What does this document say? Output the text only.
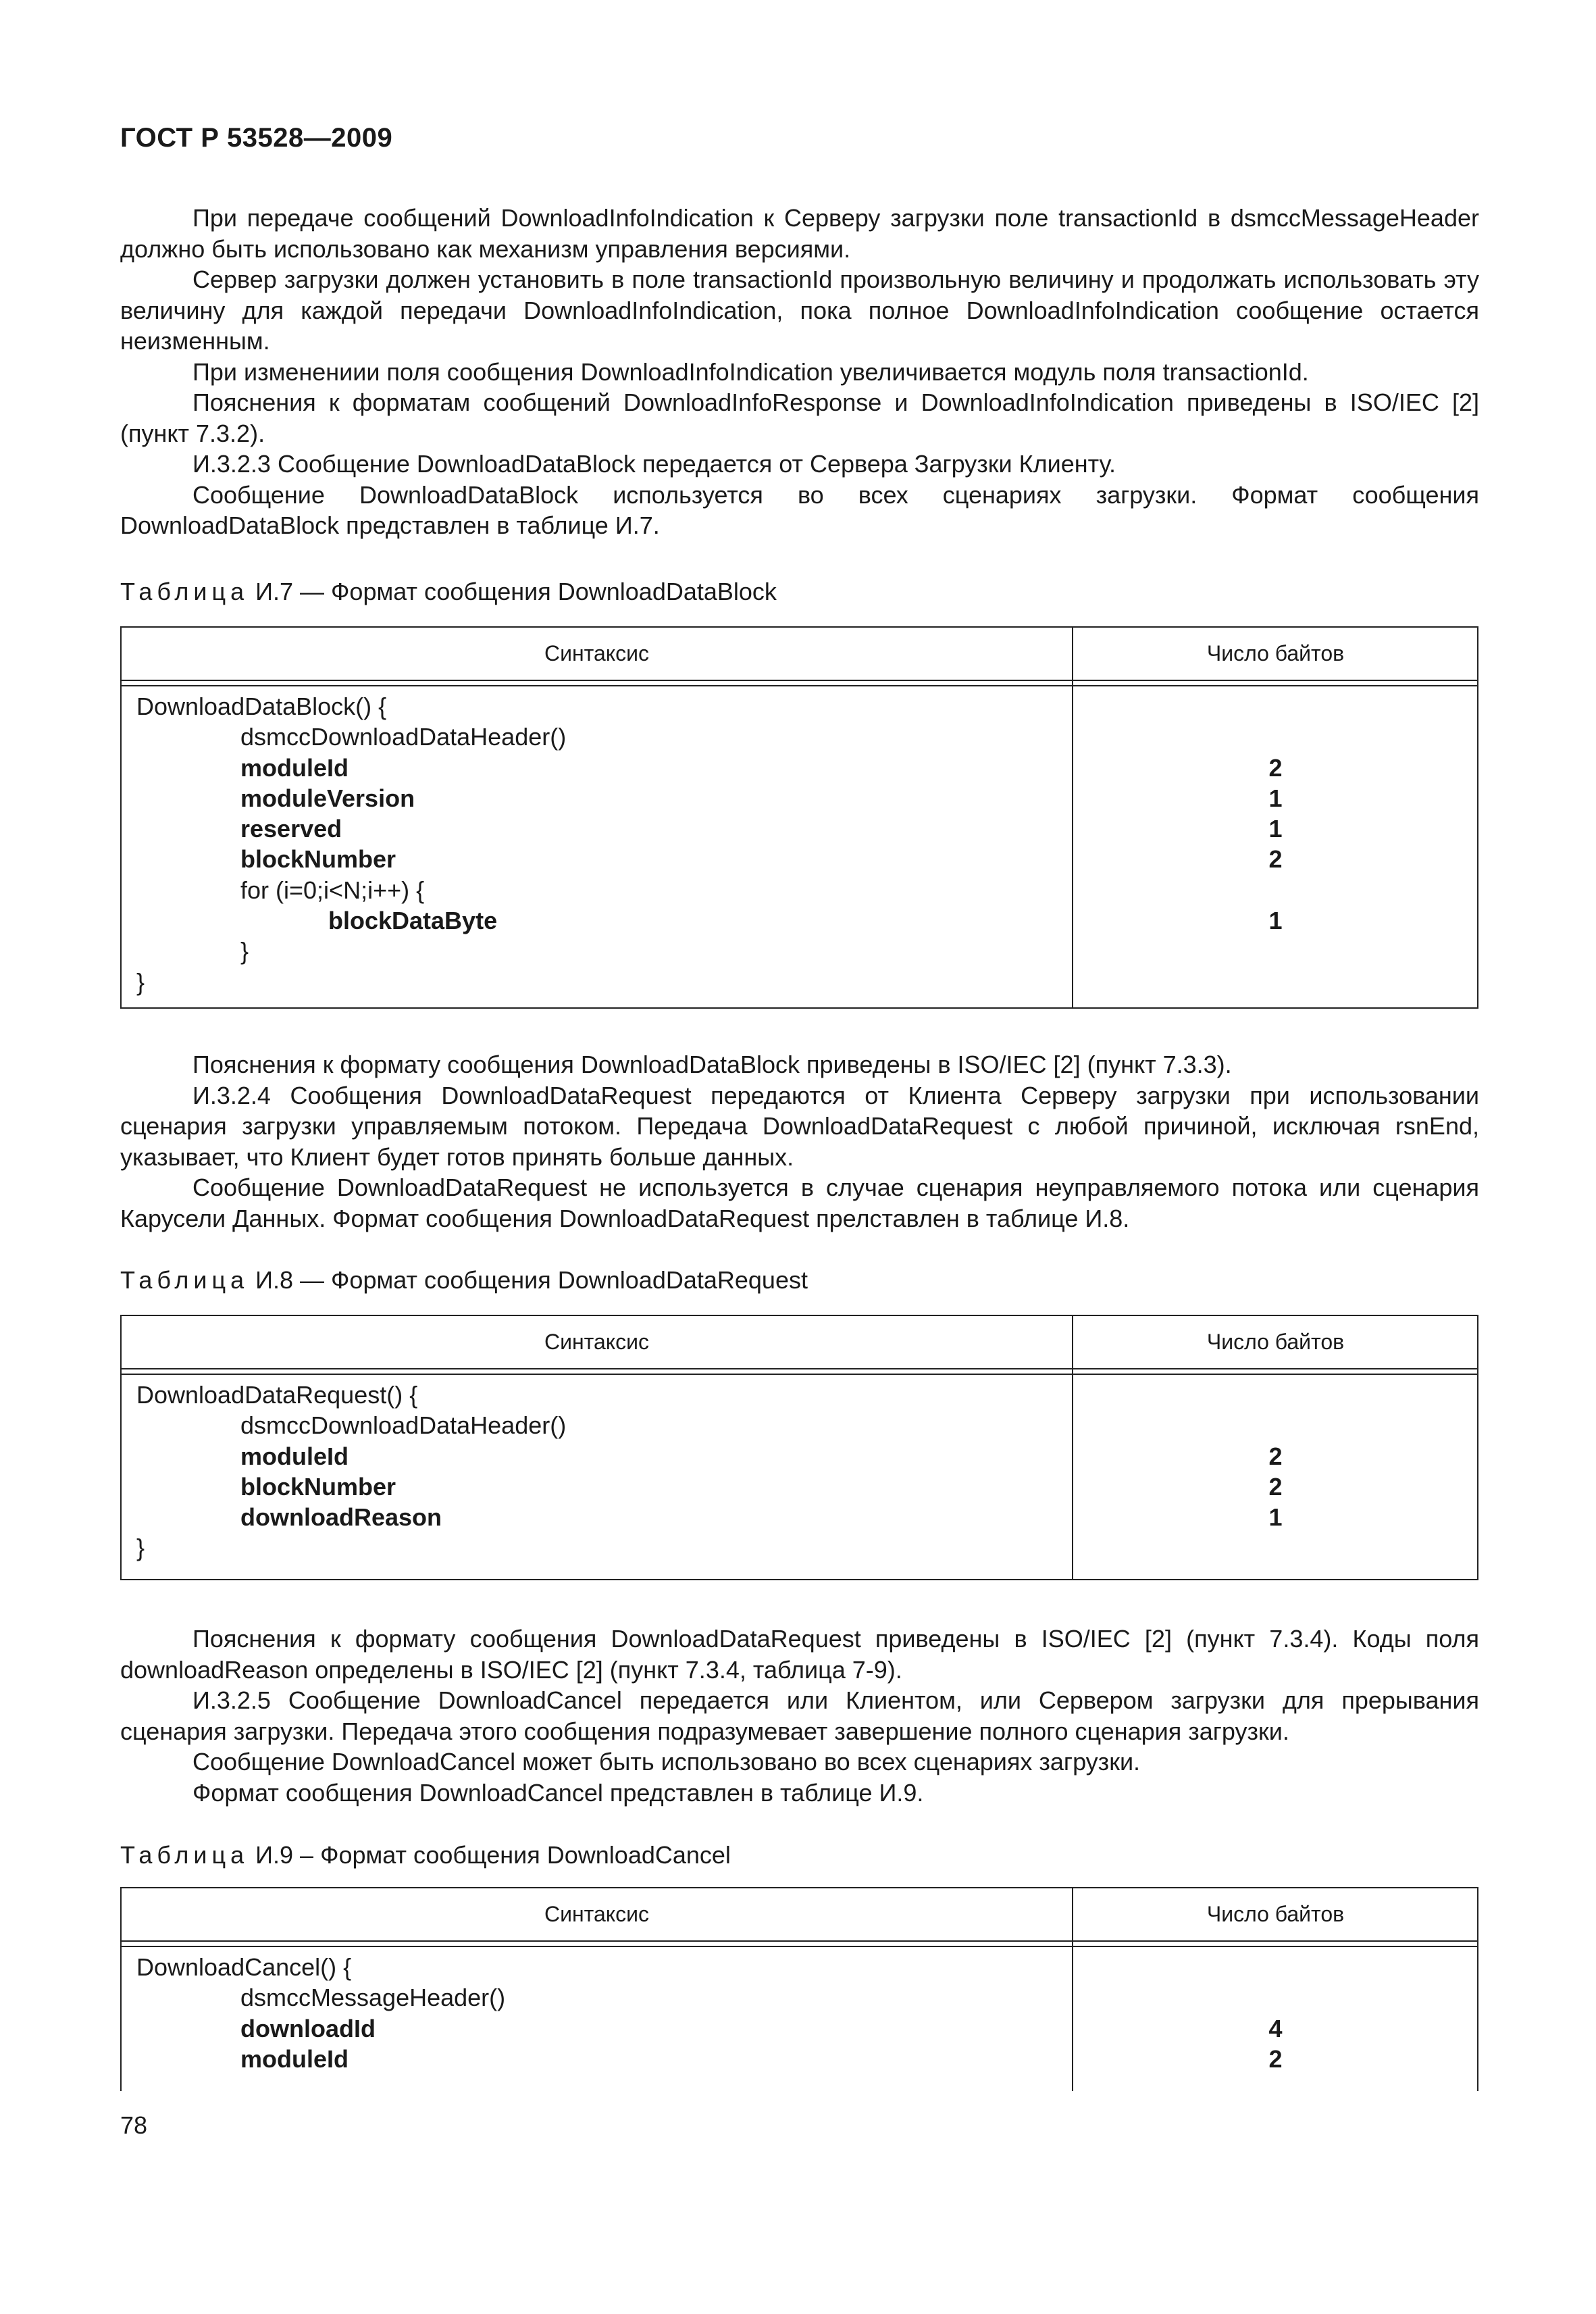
ГОСТ Р 53528—2009

При передаче сообщений DownloadInfoIndication к Серверу загрузки поле transactionId в dsmccMessageHeader должно быть использовано как механизм управления версиями.

Сервер загрузки должен установить в поле transactionId произвольную величину и продолжать использовать эту величину для каждой передачи DownloadInfoIndication, пока полное DownloadInfoIndication сообщение остается неизменным.

При изменениии поля сообщения DownloadInfoIndication увеличивается модуль поля transactionId.

Пояснения к форматам сообщений DownloadInfoResponse и DownloadInfoIndication приведены в ISO/IEC [2] (пункт 7.3.2).

И.3.2.3 Сообщение DownloadDataBlock передается от Сервера Загрузки Клиенту.

Сообщение DownloadDataBlock используется во всех сценариях загрузки. Формат сообщения DownloadDataBlock представлен в таблице И.7.

Таблица И.7 — Формат сообщения DownloadDataBlock
Синтаксис	Число байтов
DownloadDataBlock() {
dsmccDownloadDataHeader()
moduleId	2
moduleVersion	1
reserved	1
blockNumber	2
for (i=0;i<N;i++) {
blockDataByte	1
}
}

Пояснения к формату сообщения DownloadDataBlock приведены в ISO/IEC [2] (пункт 7.3.3).

И.3.2.4 Сообщения DownloadDataRequest передаются от Клиента Серверу загрузки при использовании сценария загрузки управляемым потоком. Передача DownloadDataRequest с любой причиной, исключая rsnEnd, указывает, что Клиент будет готов принять больше данных.

Сообщение DownloadDataRequest не используется в случае сценария неуправляемого потока или сценария Карусели Данных. Формат сообщения DownloadDataRequest прелставлен в таблице И.8.

Таблица И.8 — Формат сообщения DownloadDataRequest
Синтаксис	Число байтов
DownloadDataRequest() {
dsmccDownloadDataHeader()
moduleId	2
blockNumber	2
downloadReason	1
}

Пояснения к формату сообщения DownloadDataRequest приведены в ISO/IEC [2] (пункт 7.3.4). Коды поля downloadReason определены в ISO/IEC [2] (пункт 7.3.4, таблица 7-9).

И.3.2.5 Сообщение DownloadCancel передается или Клиентом, или Сервером загрузки для прерывания сценария загрузки. Передача этого сообщения подразумевает завершение полного сценария загрузки.

Сообщение DownloadCancel может быть использовано во всех сценариях загрузки.

Формат сообщения DownloadCancel представлен в таблице И.9.

Таблица И.9 – Формат сообщения DownloadCancel
Синтаксис	Число байтов
DownloadCancel() {
dsmccMessageHeader()
downloadId	4
moduleId	2
78
